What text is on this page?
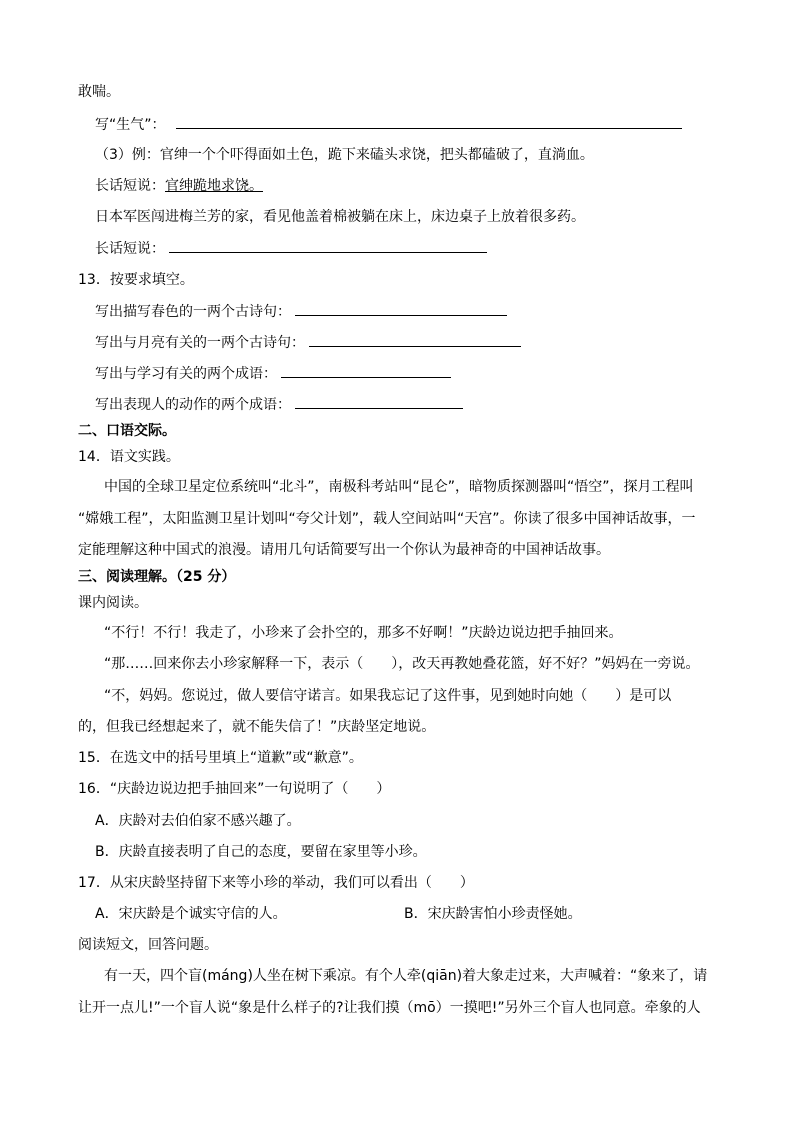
敢喘。
写“生气”：
（3）例：官绅一个个吓得面如土色，跪下来磕头求饶，把头都磕破了，直淌血。
长话短说：官绅跪地求饶。
日本军医闯进梅兰芳的家，看见他盖着棉被躺在床上，床边桌子上放着很多药。
长话短说：
13．按要求填空。
写出描写春色的一两个古诗句：
写出与月亮有关的一两个古诗句：
写出与学习有关的两个成语：
写出表现人的动作的两个成语：
二、口语交际。
14．语文实践。
中国的全球卫星定位系统叫“北斗”，南极科考站叫“昆仑”，暗物质探测器叫“悟空”，探月工程叫
“嫦娥工程”，太阳监测卫星计划叫“夸父计划”，载人空间站叫“天宫”。你读了很多中国神话故事，一
定能理解这种中国式的浪漫。请用几句话简要写出一个你认为最神奇的中国神话故事。
三、阅读理解。（25 分）
课内阅读。
“不行！不行！我走了，小珍来了会扑空的，那多不好啊！”庆龄边说边把手抽回来。
“那……回来你去小珍家解释一下，表示（　　），改天再教她叠花篮，好不好？”妈妈在一旁说。
“不，妈妈。您说过，做人要信守诺言。如果我忘记了这件事，见到她时向她（　　）是可以
的，但我已经想起来了，就不能失信了！”庆龄坚定地说。
15．在选文中的括号里填上“道歉”或“歉意”。
16．“庆龄边说边把手抽回来”一句说明了（　　）
A．庆龄对去伯伯家不感兴趣了。
B．庆龄直接表明了自己的态度，要留在家里等小珍。
17．从宋庆龄坚持留下来等小珍的举动，我们可以看出（　　）
A．宋庆龄是个诚实守信的人。	B．宋庆龄害怕小珍责怪她。
阅读短文，回答问题。
有一天，四个盲(máng)人坐在树下乘凉。有个人牵(qiān)着大象走过来，大声喊着：“象来了，请
让开一点儿!”一个盲人说“象是什么样子的?让我们摸（mō）一摸吧!”另外三个盲人也同意。牵象的人
